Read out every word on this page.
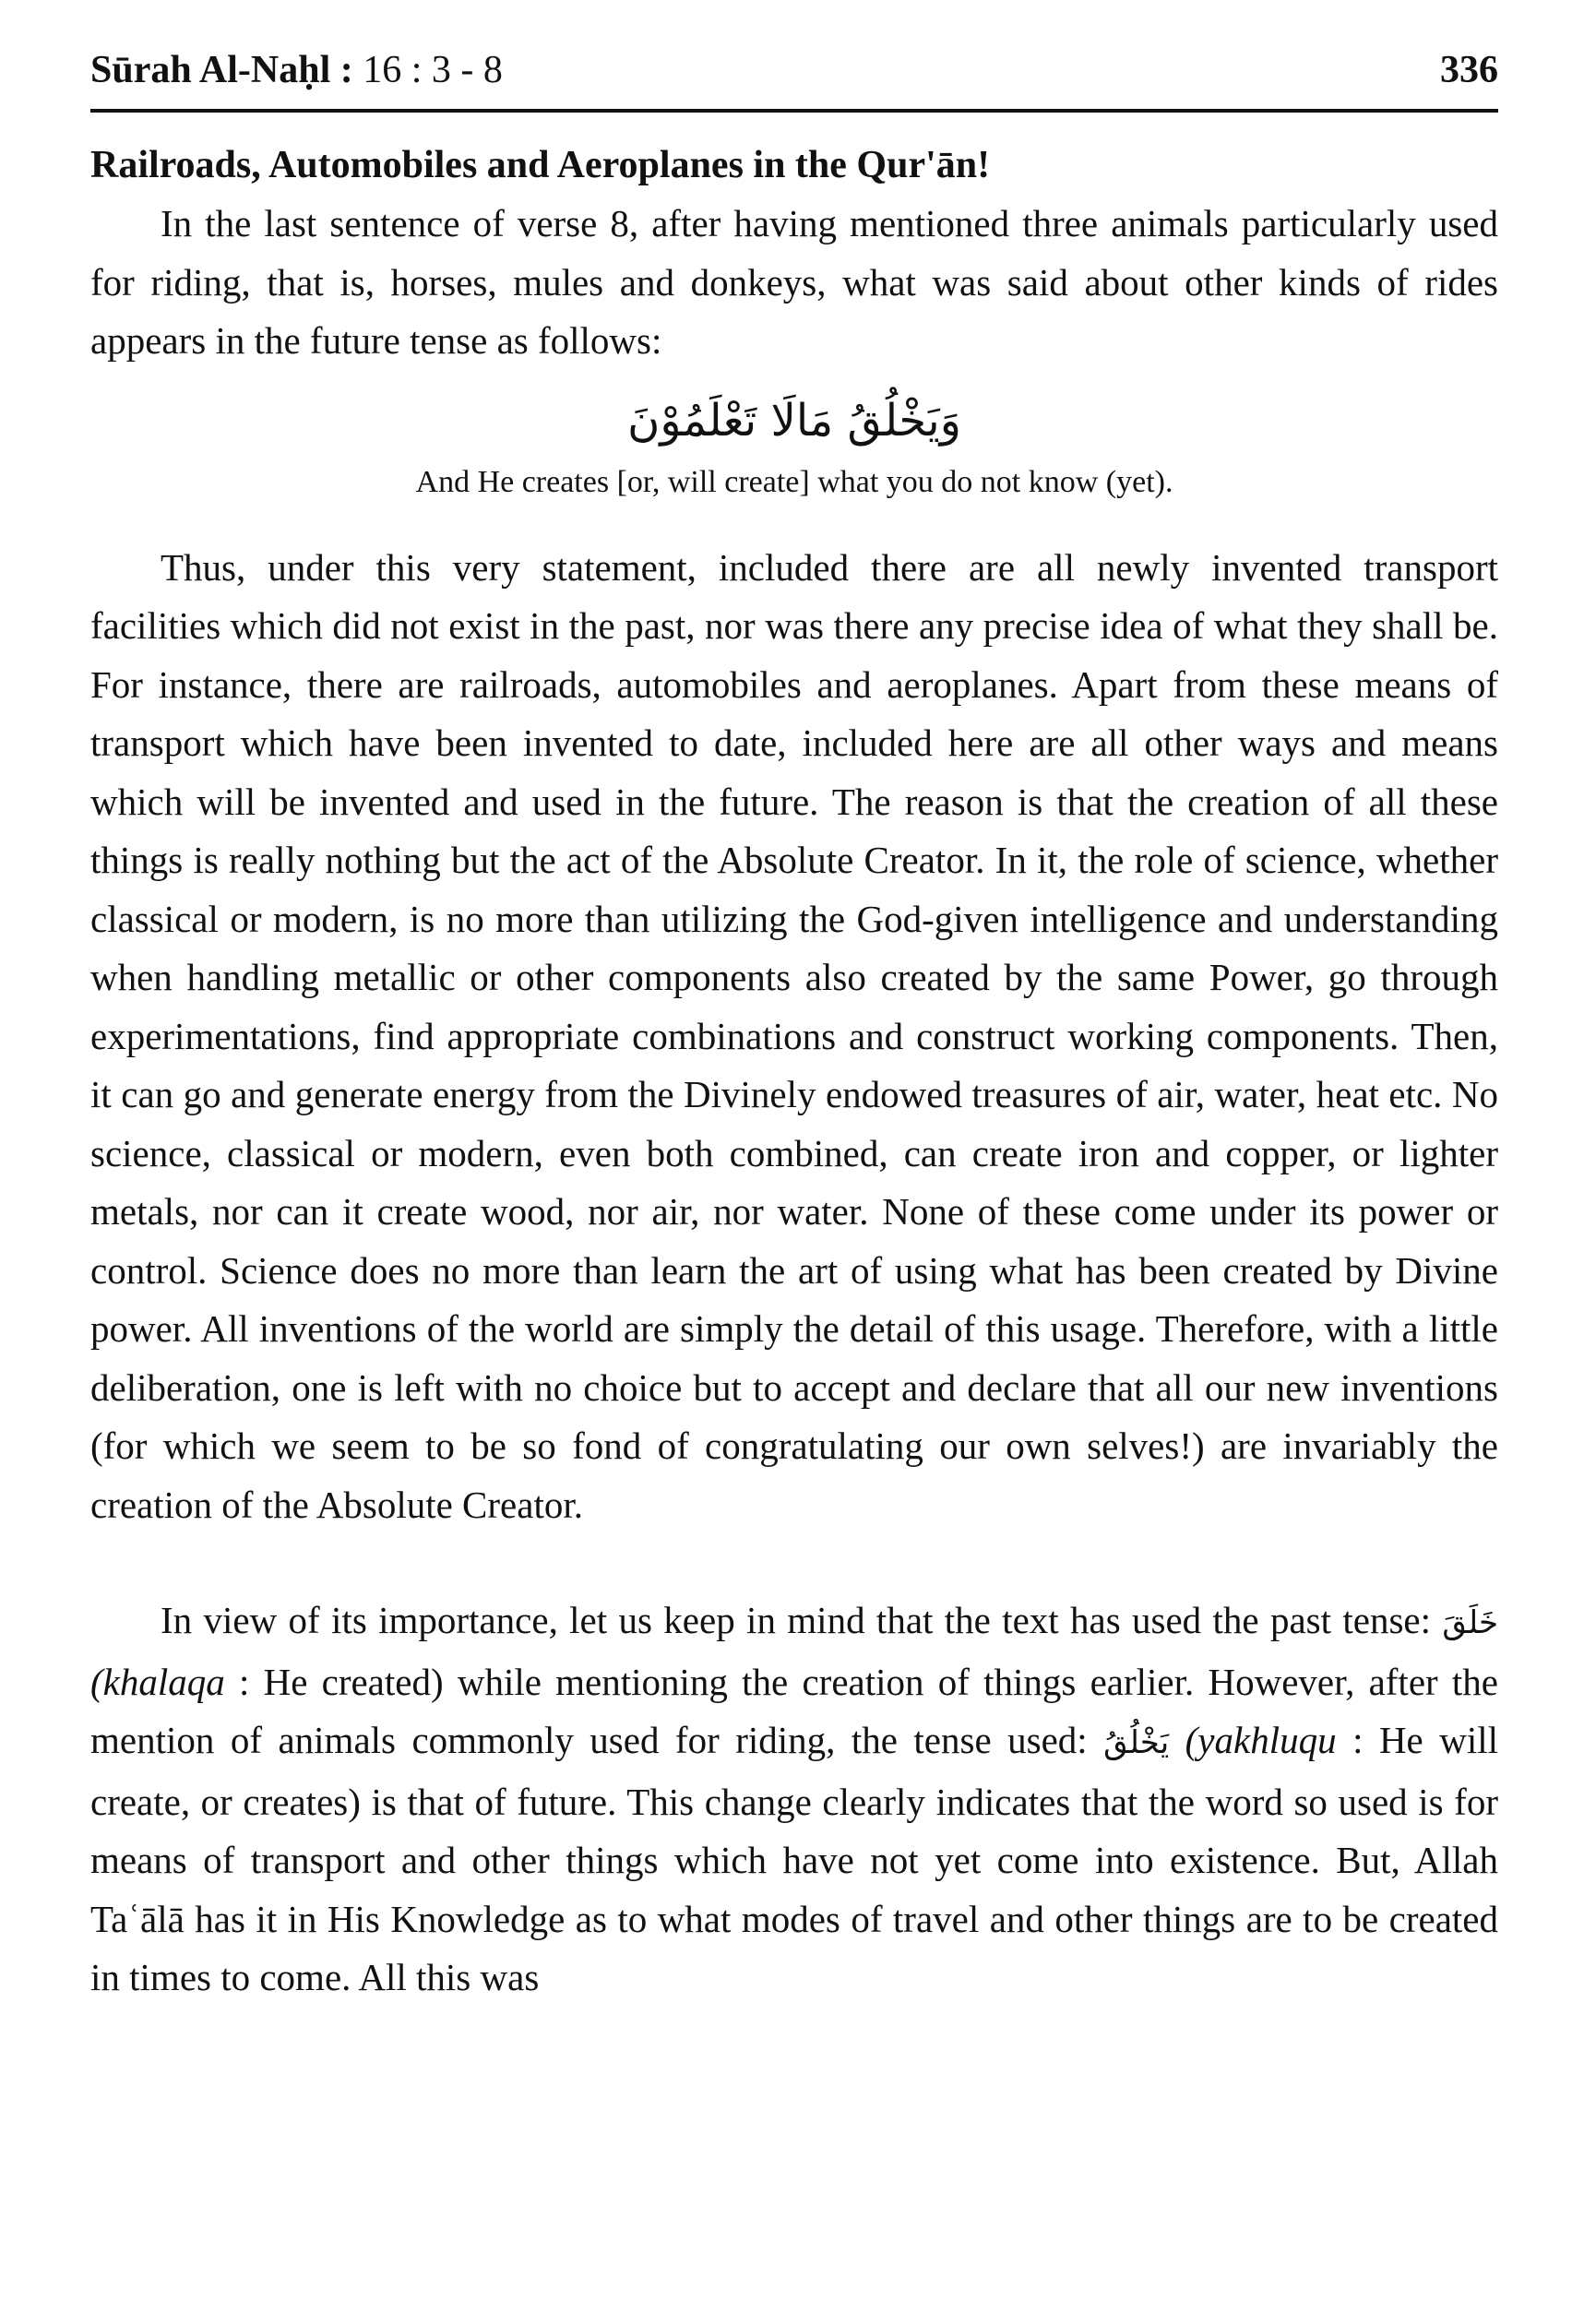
Sūrah Al-Naḥl : 16 : 3 - 8	336
Railroads, Automobiles and Aeroplanes in the Qur'ān!

In the last sentence of verse 8, after having mentioned three animals particularly used for riding, that is, horses, mules and donkeys, what was said about other kinds of rides appears in the future tense as follows:

وَيَخْلُقُ مَالَا تَعْلَمُوْنَ
And He creates [or, will create] what you do not know (yet).

Thus, under this very statement, included there are all newly invented transport facilities which did not exist in the past, nor was there any precise idea of what they shall be. For instance, there are railroads, automobiles and aeroplanes. Apart from these means of transport which have been invented to date, included here are all other ways and means which will be invented and used in the future. The reason is that the creation of all these things is really nothing but the act of the Absolute Creator. In it, the role of science, whether classical or modern, is no more than utilizing the God-given intelligence and understanding when handling metallic or other components also created by the same Power, go through experimentations, find appropriate combinations and construct working components. Then, it can go and generate energy from the Divinely endowed treasures of air, water, heat etc. No science, classical or modern, even both combined, can create iron and copper, or lighter metals, nor can it create wood, nor air, nor water. None of these come under its power or control. Science does no more than learn the art of using what has been created by Divine power. All inventions of the world are simply the detail of this usage. Therefore, with a little deliberation, one is left with no choice but to accept and declare that all our new inventions (for which we seem to be so fond of congratulating our own selves!) are invariably the creation of the Absolute Creator.

In view of its importance, let us keep in mind that the text has used the past tense: خَلَقَ (khalaqa : He created) while mentioning the creation of things earlier. However, after the mention of animals commonly used for riding, the tense used: يَخْلُقُ (yakhluqu : He will create, or creates) is that of future. This change clearly indicates that the word so used is for means of transport and other things which have not yet come into existence. But, Allah Taʿālā has it in His Knowledge as to what modes of travel and other things are to be created in times to come. All this was
